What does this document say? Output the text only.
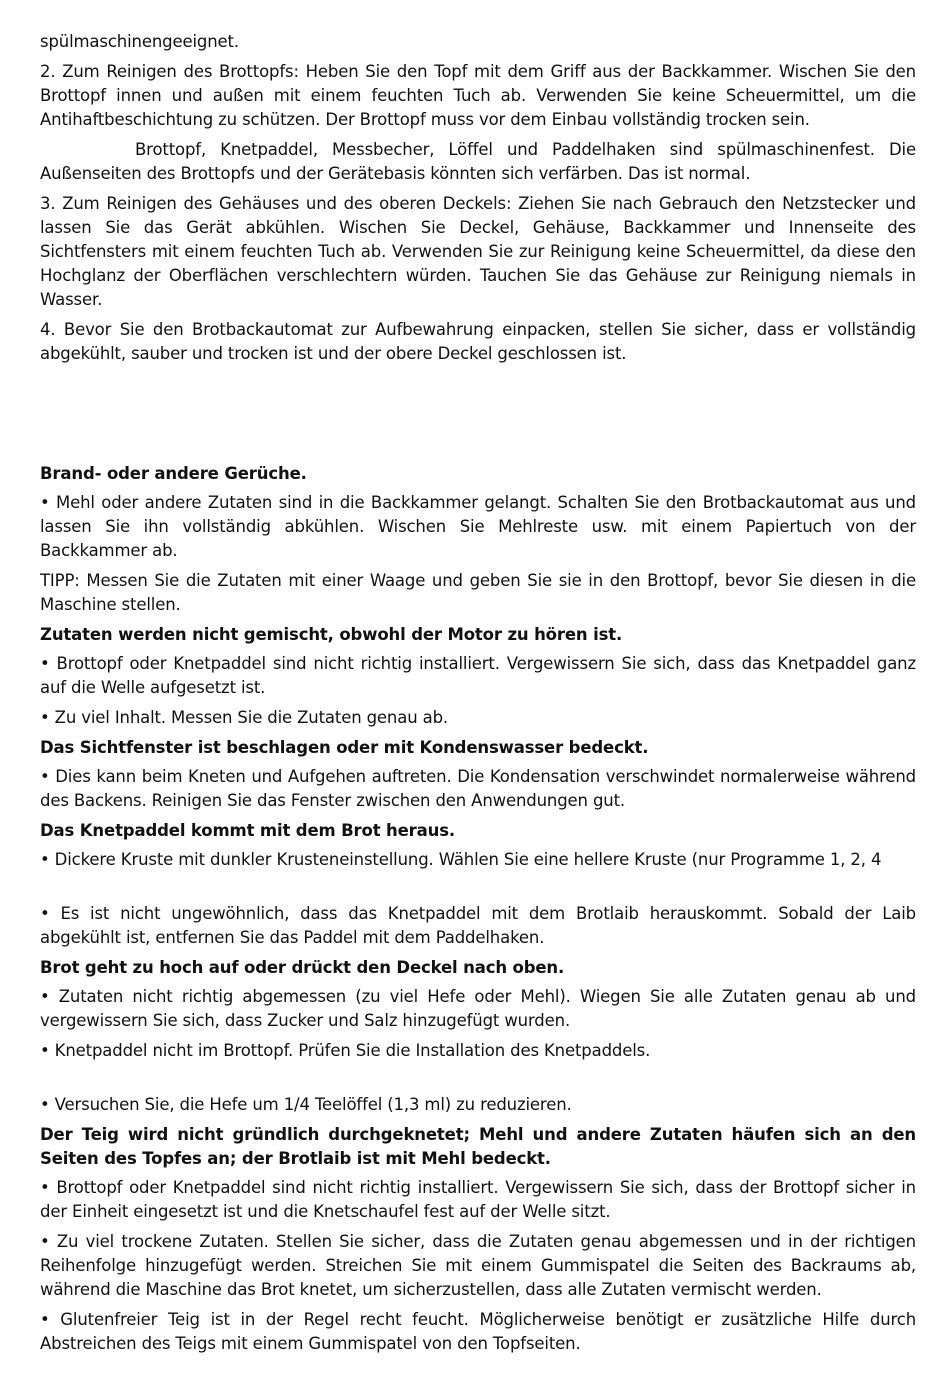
spülmaschinengeeignet.

2. Zum Reinigen des Brottopfs: Heben Sie den Topf mit dem Griff aus der Backkammer. Wischen Sie den Brottopf innen und außen mit einem feuchten Tuch ab. Verwenden Sie keine Scheuermittel, um die Antihaftbeschichtung zu schützen. Der Brottopf muss vor dem Einbau vollständig trocken sein.

Brottopf, Knetpaddel, Messbecher, Löffel und Paddelhaken sind spülmaschinenfest. Die Außenseiten des Brottopfs und der Gerätebasis könnten sich verfärben. Das ist normal.

3. Zum Reinigen des Gehäuses und des oberen Deckels: Ziehen Sie nach Gebrauch den Netzstecker und lassen Sie das Gerät abkühlen. Wischen Sie Deckel, Gehäuse, Backkammer und Innenseite des Sichtfensters mit einem feuchten Tuch ab. Verwenden Sie zur Reinigung keine Scheuermittel, da diese den Hochglanz der Oberflächen verschlechtern würden. Tauchen Sie das Gehäuse zur Reinigung niemals in Wasser.

4. Bevor Sie den Brotbackautomat zur Aufbewahrung einpacken, stellen Sie sicher, dass er vollständig abgekühlt, sauber und trocken ist und der obere Deckel geschlossen ist.

Brand- oder andere Gerüche.

• Mehl oder andere Zutaten sind in die Backkammer gelangt. Schalten Sie den Brotbackautomat aus und lassen Sie ihn vollständig abkühlen. Wischen Sie Mehlreste usw. mit einem Papiertuch von der Backkammer ab.

TIPP: Messen Sie die Zutaten mit einer Waage und geben Sie sie in den Brottopf, bevor Sie diesen in die Maschine stellen.

Zutaten werden nicht gemischt, obwohl der Motor zu hören ist.

• Brottopf oder Knetpaddel sind nicht richtig installiert. Vergewissern Sie sich, dass das Knetpaddel ganz auf die Welle aufgesetzt ist.

• Zu viel Inhalt. Messen Sie die Zutaten genau ab.

Das Sichtfenster ist beschlagen oder mit Kondenswasser bedeckt.

• Dies kann beim Kneten und Aufgehen auftreten. Die Kondensation verschwindet normalerweise während des Backens. Reinigen Sie das Fenster zwischen den Anwendungen gut.

Das Knetpaddel kommt mit dem Brot heraus.

• Dickere Kruste mit dunkler Krusteneinstellung. Wählen Sie eine hellere Kruste (nur Programme 1, 2, 4

• Es ist nicht ungewöhnlich, dass das Knetpaddel mit dem Brotlaib herauskommt. Sobald der Laib abgekühlt ist, entfernen Sie das Paddel mit dem Paddelhaken.

Brot geht zu hoch auf oder drückt den Deckel nach oben.

• Zutaten nicht richtig abgemessen (zu viel Hefe oder Mehl). Wiegen Sie alle Zutaten genau ab und vergewissern Sie sich, dass Zucker und Salz hinzugefügt wurden.

• Knetpaddel nicht im Brottopf. Prüfen Sie die Installation des Knetpaddels.

• Versuchen Sie, die Hefe um 1/4 Teelöffel (1,3 ml) zu reduzieren.

Der Teig wird nicht gründlich durchgeknetet; Mehl und andere Zutaten häufen sich an den Seiten des Topfes an; der Brotlaib ist mit Mehl bedeckt.

• Brottopf oder Knetpaddel sind nicht richtig installiert. Vergewissern Sie sich, dass der Brottopf sicher in der Einheit eingesetzt ist und die Knetschaufel fest auf der Welle sitzt.

• Zu viel trockene Zutaten. Stellen Sie sicher, dass die Zutaten genau abgemessen und in der richtigen Reihenfolge hinzugefügt werden. Streichen Sie mit einem Gummispatel die Seiten des Backraums ab, während die Maschine das Brot knetet, um sicherzustellen, dass alle Zutaten vermischt werden.

• Glutenfreier Teig ist in der Regel recht feucht. Möglicherweise benötigt er zusätzliche Hilfe durch Abstreichen des Teigs mit einem Gummispatel von den Topfseiten.
